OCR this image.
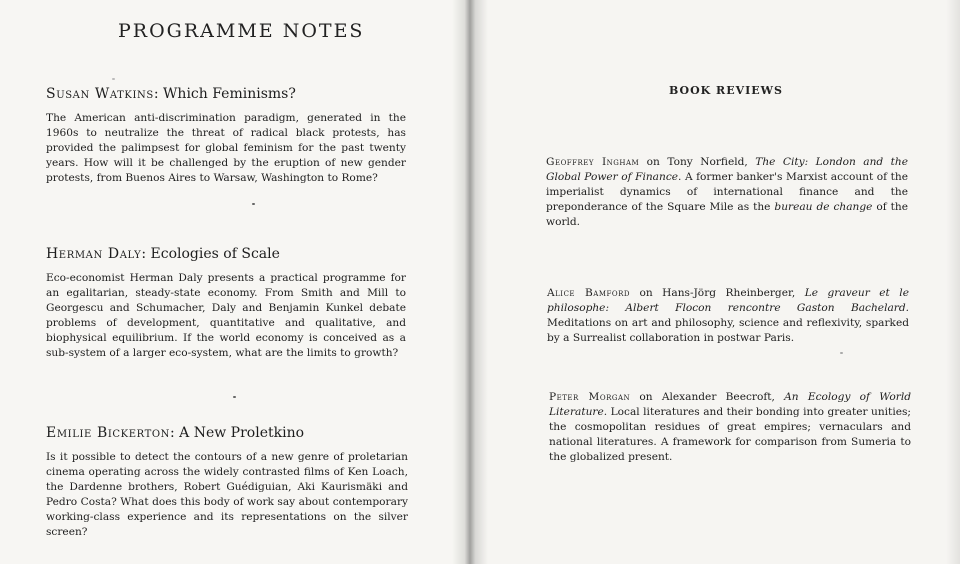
PROGRAMME NOTES
Susan Watkins: Which Feminisms?

The American anti-discrimination paradigm, generated in the 1960s to neutralize the threat of radical black protests, has provided the palimpsest for global feminism for the past twenty years. How will it be challenged by the eruption of new gender protests, from Buenos Aires to Warsaw, Washington to Rome?

Herman Daly: Ecologies of Scale

Eco-economist Herman Daly presents a practical programme for an egalitarian, steady-state economy. From Smith and Mill to Georgescu and Schumacher, Daly and Benjamin Kunkel debate problems of development, quantitative and qualitative, and biophysical equilibrium. If the world economy is conceived as a sub-system of a larger eco-system, what are the limits to growth?

Emilie Bickerton: A New Proletkino

Is it possible to detect the contours of a new genre of proletarian cinema operating across the widely contrasted films of Ken Loach, the Dardenne brothers, Robert Guédiguian, Aki Kaurismäki and Pedro Costa? What does this body of work say about contemporary working-class experience and its representations on the silver screen?

BOOK REVIEWS

Geoffrey Ingham on Tony Norfield, The City: London and the Global Power of Finance. A former banker's Marxist account of the imperialist dynamics of international finance and the preponderance of the Square Mile as the bureau de change of the world.

Alice Bamford on Hans-Jörg Rheinberger, Le graveur et le philosophe: Albert Flocon rencontre Gaston Bachelard. Meditations on art and philosophy, science and reflexivity, sparked by a Surrealist collaboration in postwar Paris.

Peter Morgan on Alexander Beecroft, An Ecology of World Literature. Local literatures and their bonding into greater unities; the cosmopolitan residues of great empires; vernaculars and national literatures. A framework for comparison from Sumeria to the globalized present.
